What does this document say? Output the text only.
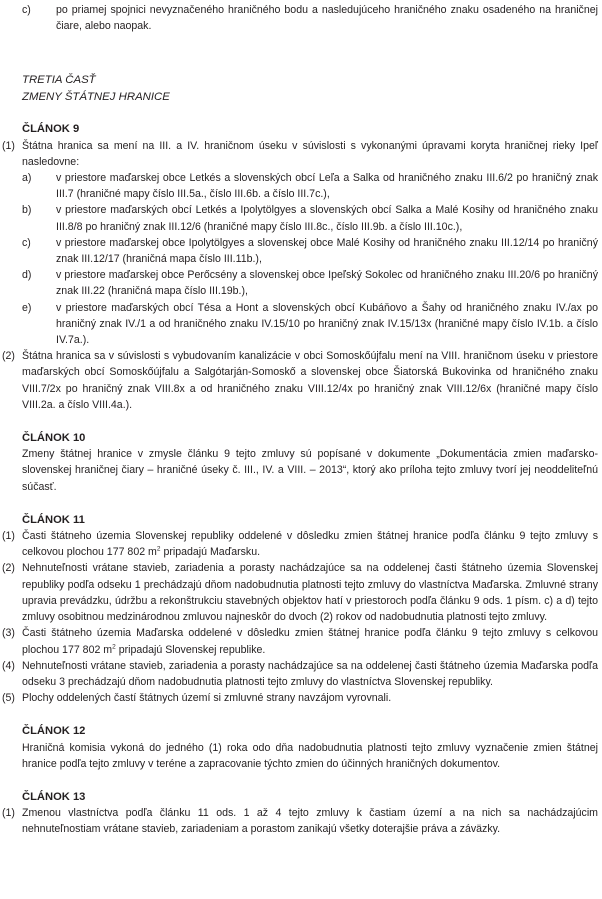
c) po priamej spojnici nevyznačeného hraničného bodu a nasledujúceho hraničného znaku osadeného na hraničnej čiare, alebo naopak.
TRETIA ČASŤ
ZMENY ŠTÁTNEJ HRANICE
ČLÁNOK 9
(1) Štátna hranica sa mení na III. a IV. hraničnom úseku v súvislosti s vykonanými úpravami koryta hraničnej rieky Ipeľ nasledovne:
a) v priestore maďarskej obce Letkés a slovenských obcí Leľa a Salka od hraničného znaku III.6/2 po hraničný znak III.7 (hraničné mapy číslo III.5a., číslo III.6b. a číslo III.7c.),
b) v priestore maďarských obcí Letkés a Ipolytölgyes a slovenských obcí Salka a Malé Kosihy od hraničného znaku III.8/8 po hraničný znak III.12/6 (hraničné mapy číslo III.8c., číslo III.9b. a číslo III.10c.),
c) v priestore maďarskej obce Ipolytölgyes a slovenskej obce Malé Kosihy od hraničného znaku III.12/14 po hraničný znak III.12/17 (hraničná mapa číslo III.11b.),
d) v priestore maďarskej obce Perőcsény a slovenskej obce Ipeľský Sokolec od hraničného znaku III.20/6 po hraničný znak III.22 (hraničná mapa číslo III.19b.),
e) v priestore maďarských obcí Tésa a Hont a slovenských obcí Kubáňovo a Šahy od hraničného znaku IV./ax po hraničný znak IV./1 a od hraničného znaku IV.15/10 po hraničný znak IV.15/13x (hraničné mapy číslo IV.1b. a číslo IV.7a.).
(2) Štátna hranica sa v súvislosti s vybudovaním kanalizácie v obci Somoskőújfalu mení na VIII. hraničnom úseku v priestore maďarských obcí Somoskőújfalu a Salgótarján-Somoskő a slovenskej obce Šiatorská Bukovinka od hraničného znaku VIII.7/2x po hraničný znak VIII.8x a od hraničného znaku VIII.12/4x po hraničný znak VIII.12/6x (hraničné mapy číslo VIII.2a. a číslo VIII.4a.).
ČLÁNOK 10
Zmeny štátnej hranice v zmysle článku 9 tejto zmluvy sú popísané v dokumente „Dokumentácia zmien maďarsko-slovenskej hraničnej čiary – hraničné úseky č. III., IV. a VIII. – 2013“, ktorý ako príloha tejto zmluvy tvorí jej neoddeliteľnú súčasť.
ČLÁNOK 11
(1) Časti štátneho územia Slovenskej republiky oddelené v dôsledku zmien štátnej hranice podľa článku 9 tejto zmluvy s celkovou plochou 177 802 $m^2$ pripadajú Maďarsku.
(2) Nehnuteľnosti vrátane stavieb, zariadenia a porasty nachádzajúce sa na oddelenej časti štátneho územia Slovenskej republiky podľa odseku 1 prechádzajú dňom nadobudnutia platnosti tejto zmluvy do vlastníctva Maďarska. Zmluvné strany upravia prevádzku, údržbu a rekonštrukciu stavebných objektov hatí v priestoroch podľa článku 9 ods. 1 písm. c) a d) tejto zmluvy osobitnou medzinárodnou zmluvou najneskôr do dvoch (2) rokov od nadobudnutia platnosti tejto zmluvy.
(3) Časti štátneho územia Maďarska oddelené v dôsledku zmien štátnej hranice podľa článku 9 tejto zmluvy s celkovou plochou 177 802 $m^2$ pripadajú Slovenskej republike.
(4) Nehnuteľnosti vrátane stavieb, zariadenia a porasty nachádzajúce sa na oddelenej časti štátneho územia Maďarska podľa odseku 3 prechádzajú dňom nadobudnutia platnosti tejto zmluvy do vlastníctva Slovenskej republiky.
(5) Plochy oddelených častí štátnych území si zmluvné strany navzájom vyrovnali.
ČLÁNOK 12
Hraničná komisia vykoná do jedného (1) roka odo dňa nadobudnutia platnosti tejto zmluvy vyznačenie zmien štátnej hranice podľa tejto zmluvy v teréne a zapracovanie týchto zmien do účinných hraničných dokumentov.
ČLÁNOK 13
(1) Zmenou vlastníctva podľa článku 11 ods. 1 až 4 tejto zmluvy k častiam území a na nich sa nachádzajúcim nehnuteľnostiam vrátane stavieb, zariadeniam a porastom zanikajú všetky doterajšie práva a záväzky.
